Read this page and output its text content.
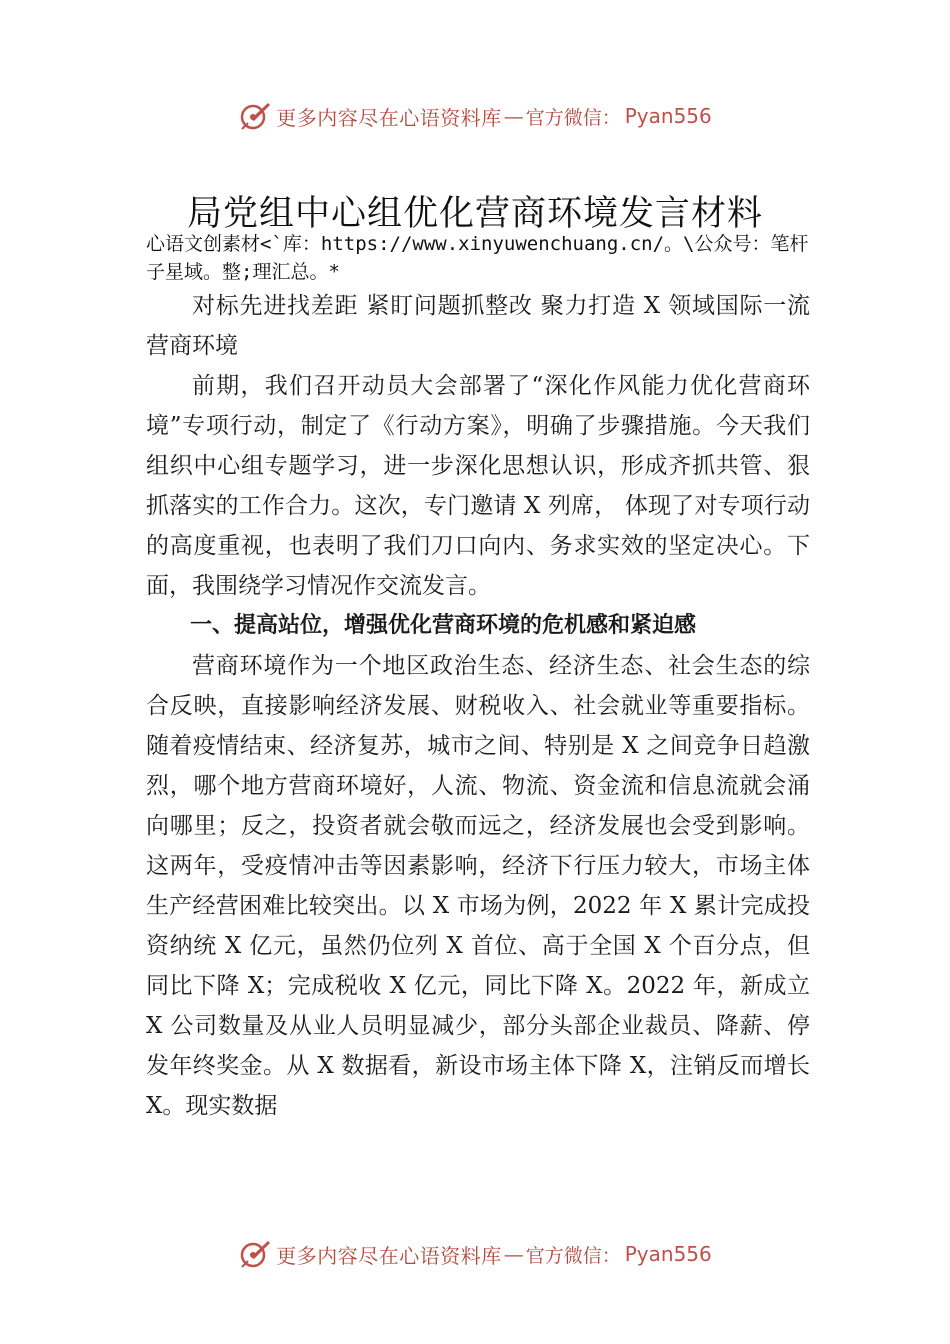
更多内容尽在心语资料库 — 官方微信： Pyan556
局党组中心组优化营商环境发言材料
心语文创素材<`库：https://www.xinyuwenchuang.cn/。\公众号：笔杆子星域。整;理汇总。*

对标先进找差距 紧盯问题抓整改 聚力打造 X 领域国际一流营商环境

前期，我们召开动员大会部署了“深化作风能力优化营商环境”专项行动，制定了《行动方案》，明确了步骤措施。今天我们组织中心组专题学习，进一步深化思想认识，形成齐抓共管、狠抓落实的工作合力。这次，专门邀请 X 列席， 体现了对专项行动的高度重视，也表明了我们刀口向内、务求实效的坚定决心。下面，我围绕学习情况作交流发言。

一、提高站位，增强优化营商环境的危机感和紧迫感

营商环境作为一个地区政治生态、经济生态、社会生态的综合反映，直接影响经济发展、财税收入、社会就业等重要指标。随着疫情结束、经济复苏，城市之间、特别是 X 之间竞争日趋激烈，哪个地方营商环境好，人流、物流、资金流和信息流就会涌向哪里；反之，投资者就会敬而远之，经济发展也会受到影响。这两年，受疫情冲击等因素影响，经济下行压力较大，市场主体生产经营困难比较突出。以 X 市场为例，2022 年 X 累计完成投资纳统 X 亿元，虽然仍位列 X 首位、高于全国 X 个百分点，但同比下降 X；完成税收 X 亿元，同比下降 X。2022 年，新成立 X 公司数量及从业人员明显减少，部分头部企业裁员、降薪、停发年终奖金。从 X 数据看，新设市场主体下降 X，注销反而增长 X。现实数据

更多内容尽在心语资料库 — 官方微信： Pyan556
